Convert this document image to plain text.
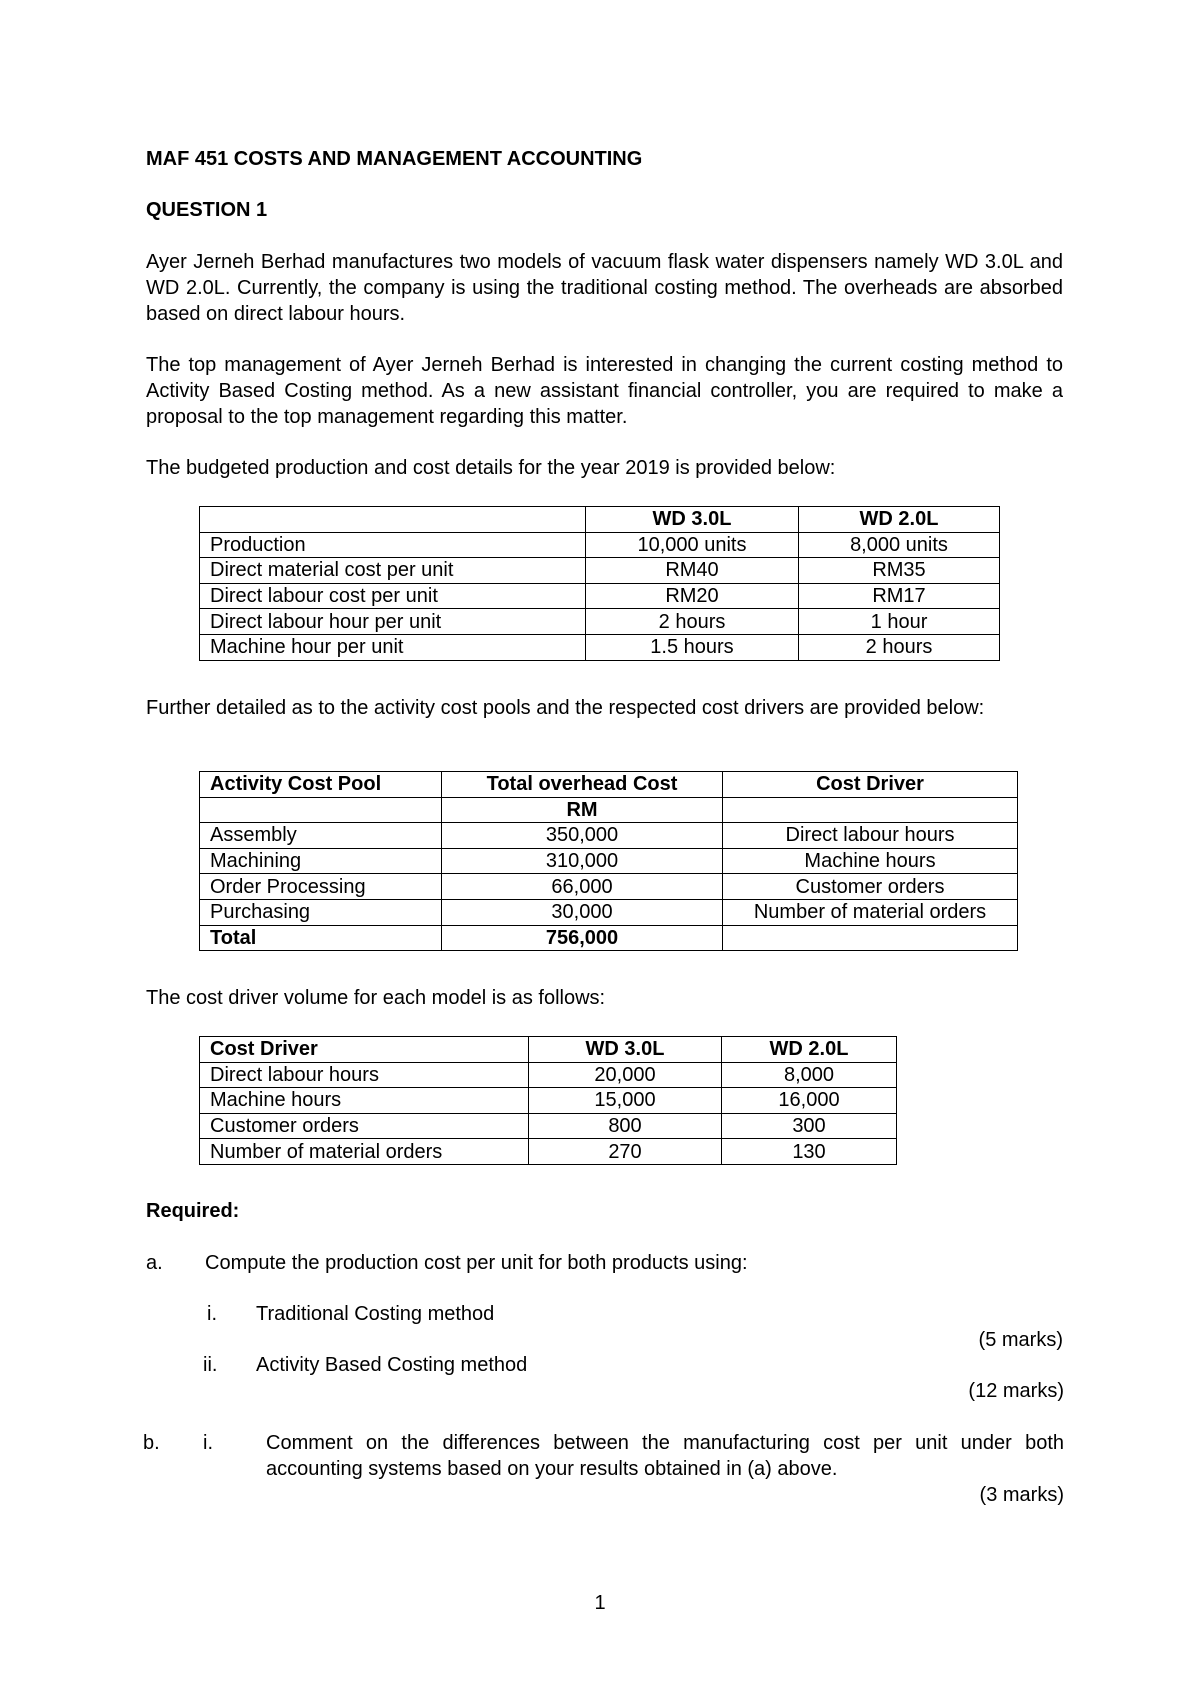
MAF 451 COSTS AND MANAGEMENT ACCOUNTING
QUESTION 1
Ayer Jerneh Berhad manufactures two models of vacuum flask water dispensers namely WD 3.0L and WD 2.0L. Currently, the company is using the traditional costing method. The overheads are absorbed based on direct labour hours.
The top management of Ayer Jerneh Berhad is interested in changing the current costing method to Activity Based Costing method. As a new assistant financial controller, you are required to make a proposal to the top management regarding this matter.
The budgeted production and cost details for the year 2019 is provided below:
	WD 3.0L	WD 2.0L
Production	10,000 units	8,000 units
Direct material cost per unit	RM40	RM35
Direct labour cost per unit	RM20	RM17
Direct labour hour per unit	2 hours	1 hour
Machine hour per unit	1.5 hours	2 hours
Further detailed as to the activity cost pools and the respected cost drivers are provided below:
Activity Cost Pool	Total overhead Cost	Cost Driver
	RM	
Assembly	350,000	Direct labour hours
Machining	310,000	Machine hours
Order Processing	66,000	Customer orders
Purchasing	30,000	Number of material orders
Total	756,000	
The cost driver volume for each model is as follows:
Cost Driver	WD 3.0L	WD 2.0L
Direct labour hours	20,000	8,000
Machine hours	15,000	16,000
Customer orders	800	300
Number of material orders	270	130
Required:
a. Compute the production cost per unit for both products using:
i. Traditional Costing method
(5 marks)
ii. Activity Based Costing method
(12 marks)
b. i.	Comment on the differences between the manufacturing cost per unit under both accounting systems based on your results obtained in (a) above.
(3 marks)
1
